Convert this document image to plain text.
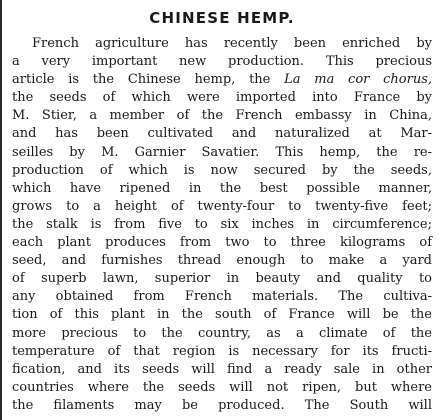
CHINESE HEMP.
French agriculture has recently been enriched by
a very important new production. This precious
article is the Chinese hemp, the La ma cor chorus,
the seeds of which were imported into France by
M. Stier, a member of the French embassy in China,
and has been cultivated and naturalized at Mar-
seilles by M. Garnier Savatier. This hemp, the re-
production of which is now secured by the seeds,
which have ripened in the best possible manner,
grows to a height of twenty-four to twenty-five feet;
the stalk is from five to six inches in circumference;
each plant produces from two to three kilograms of
seed, and furnishes thread enough to make a yard
of superb lawn, superior in beauty and quality to
any obtained from French materials. The cultiva-
tion of this plant in the south of France will be the
more precious to the country, as a climate of the
temperature of that region is necessary for its fructi-
fication, and its seeds will find a ready sale in other
countries where the seeds will not ripen, but where
the filaments may be produced. The South will
